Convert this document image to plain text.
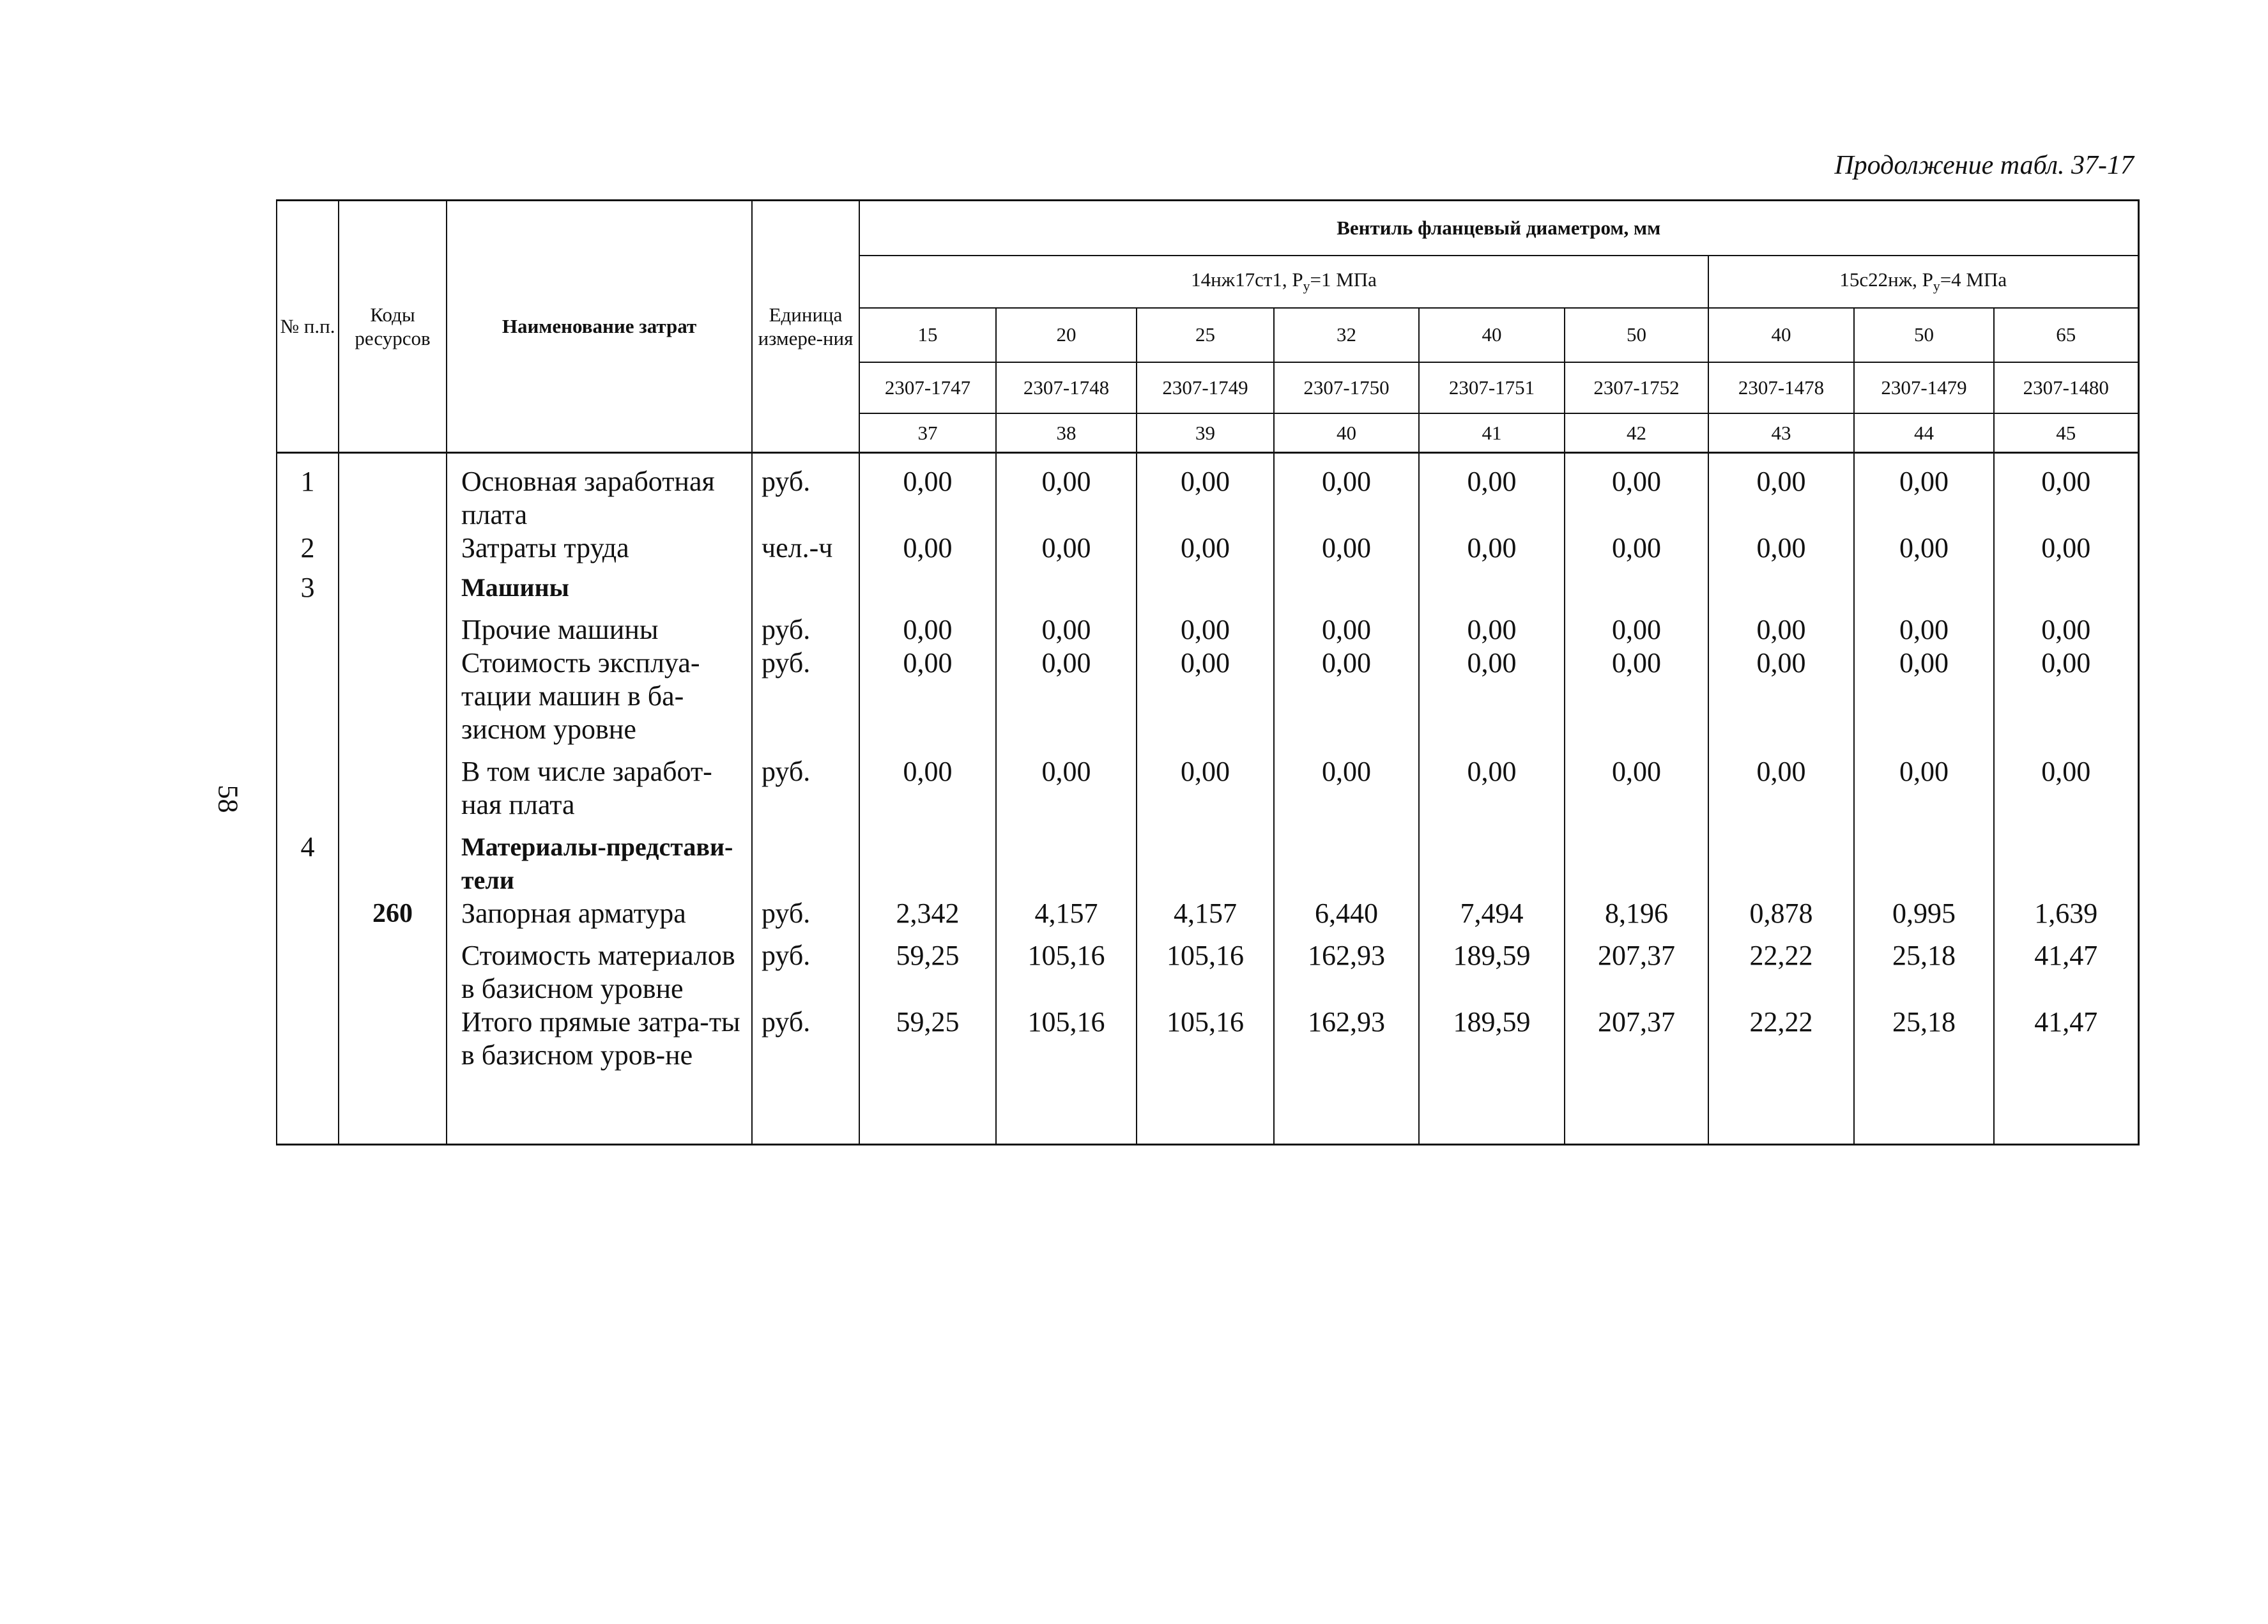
Продолжение табл. 37-17
58
№ п.п.	Коды ресурсов	Наименование затрат	Единица измере-ния	Вентиль фланцевый диаметром, мм								
				14нж17ст1, $P_у=1$ МПа						15с22нж, $P_у=4$ МПа		
				15	20	25	32	40	50	40	50	65
				2307-1747	2307-1748	2307-1749	2307-1750	2307-1751	2307-1752	2307-1478	2307-1479	2307-1480
				37	38	39	40	41	42	43	44	45
1		Основная заработная плата	руб.	0,00	0,00	0,00	0,00	0,00	0,00	0,00	0,00	0,00
2		Затраты труда	чел.-ч	0,00	0,00	0,00	0,00	0,00	0,00	0,00	0,00	0,00
3		Машины										
		Прочие машины	руб.	0,00	0,00	0,00	0,00	0,00	0,00	0,00	0,00	0,00
		Стоимость эксплуа-тации машин в ба-зисном уровне	руб.	0,00	0,00	0,00	0,00	0,00	0,00	0,00	0,00	0,00
		В том числе заработ-ная плата	руб.	0,00	0,00	0,00	0,00	0,00	0,00	0,00	0,00	0,00
4		Материалы-представи-тели										
	260	Запорная арматура	руб.	2,342	4,157	4,157	6,440	7,494	8,196	0,878	0,995	1,639
		Стоимость материалов в базисном уровне	руб.	59,25	105,16	105,16	162,93	189,59	207,37	22,22	25,18	41,47
		Итого прямые затра-ты в базисном уров-не	руб.	59,25	105,16	105,16	162,93	189,59	207,37	22,22	25,18	41,47
